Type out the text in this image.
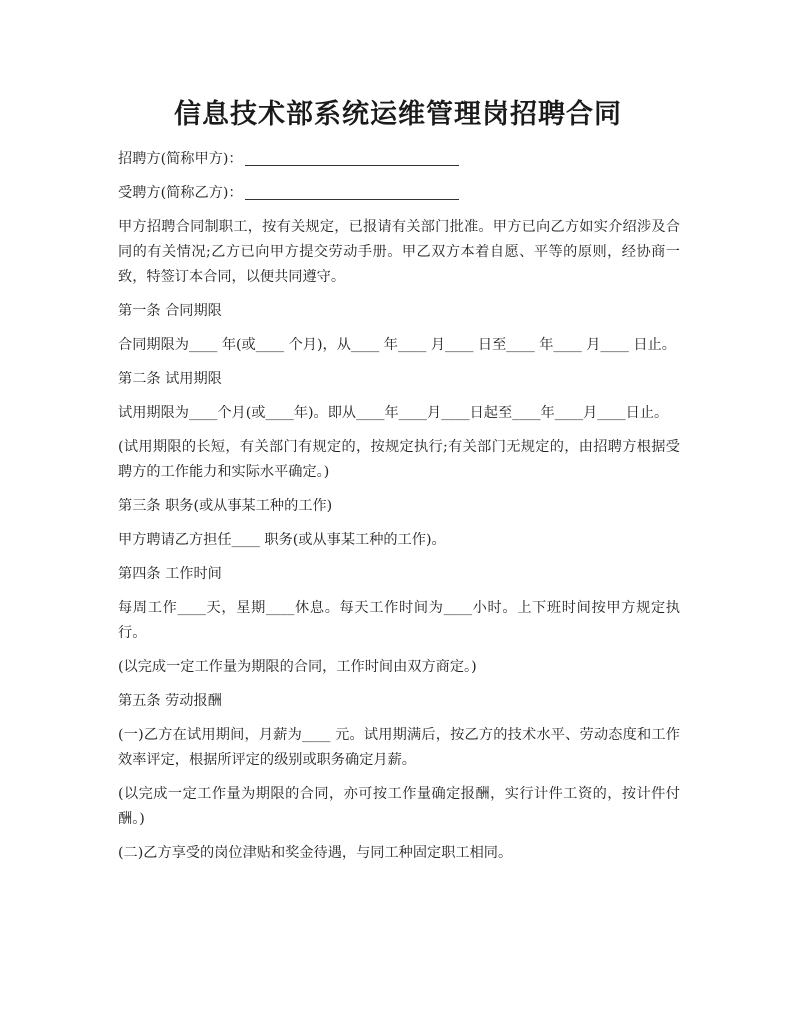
信息技术部系统运维管理岗招聘合同

招聘方(简称甲方)：

受聘方(简称乙方)：

甲方招聘合同制职工，按有关规定，已报请有关部门批准。甲方已向乙方如实介绍涉及合同的有关情况;乙方已向甲方提交劳动手册。甲乙双方本着自愿、平等的原则，经协商一致，特签订本合同，以便共同遵守。

第一条 合同期限

合同期限为____ 年(或____ 个月)，从____ 年____ 月____ 日至____ 年____ 月____ 日止。

第二条 试用期限

试用期限为____个月(或____年)。即从____年____月____日起至____年____月____日止。

(试用期限的长短，有关部门有规定的，按规定执行;有关部门无规定的，由招聘方根据受聘方的工作能力和实际水平确定。)

第三条 职务(或从事某工种的工作)

甲方聘请乙方担任____ 职务(或从事某工种的工作)。

第四条 工作时间

每周工作____天，星期____休息。每天工作时间为____小时。上下班时间按甲方规定执行。

(以完成一定工作量为期限的合同，工作时间由双方商定。)

第五条 劳动报酬

(一)乙方在试用期间，月薪为____ 元。试用期满后，按乙方的技术水平、劳动态度和工作效率评定，根据所评定的级别或职务确定月薪。

(以完成一定工作量为期限的合同，亦可按工作量确定报酬，实行计件工资的，按计件付酬。)

(二)乙方享受的岗位津贴和奖金待遇，与同工种固定职工相同。
